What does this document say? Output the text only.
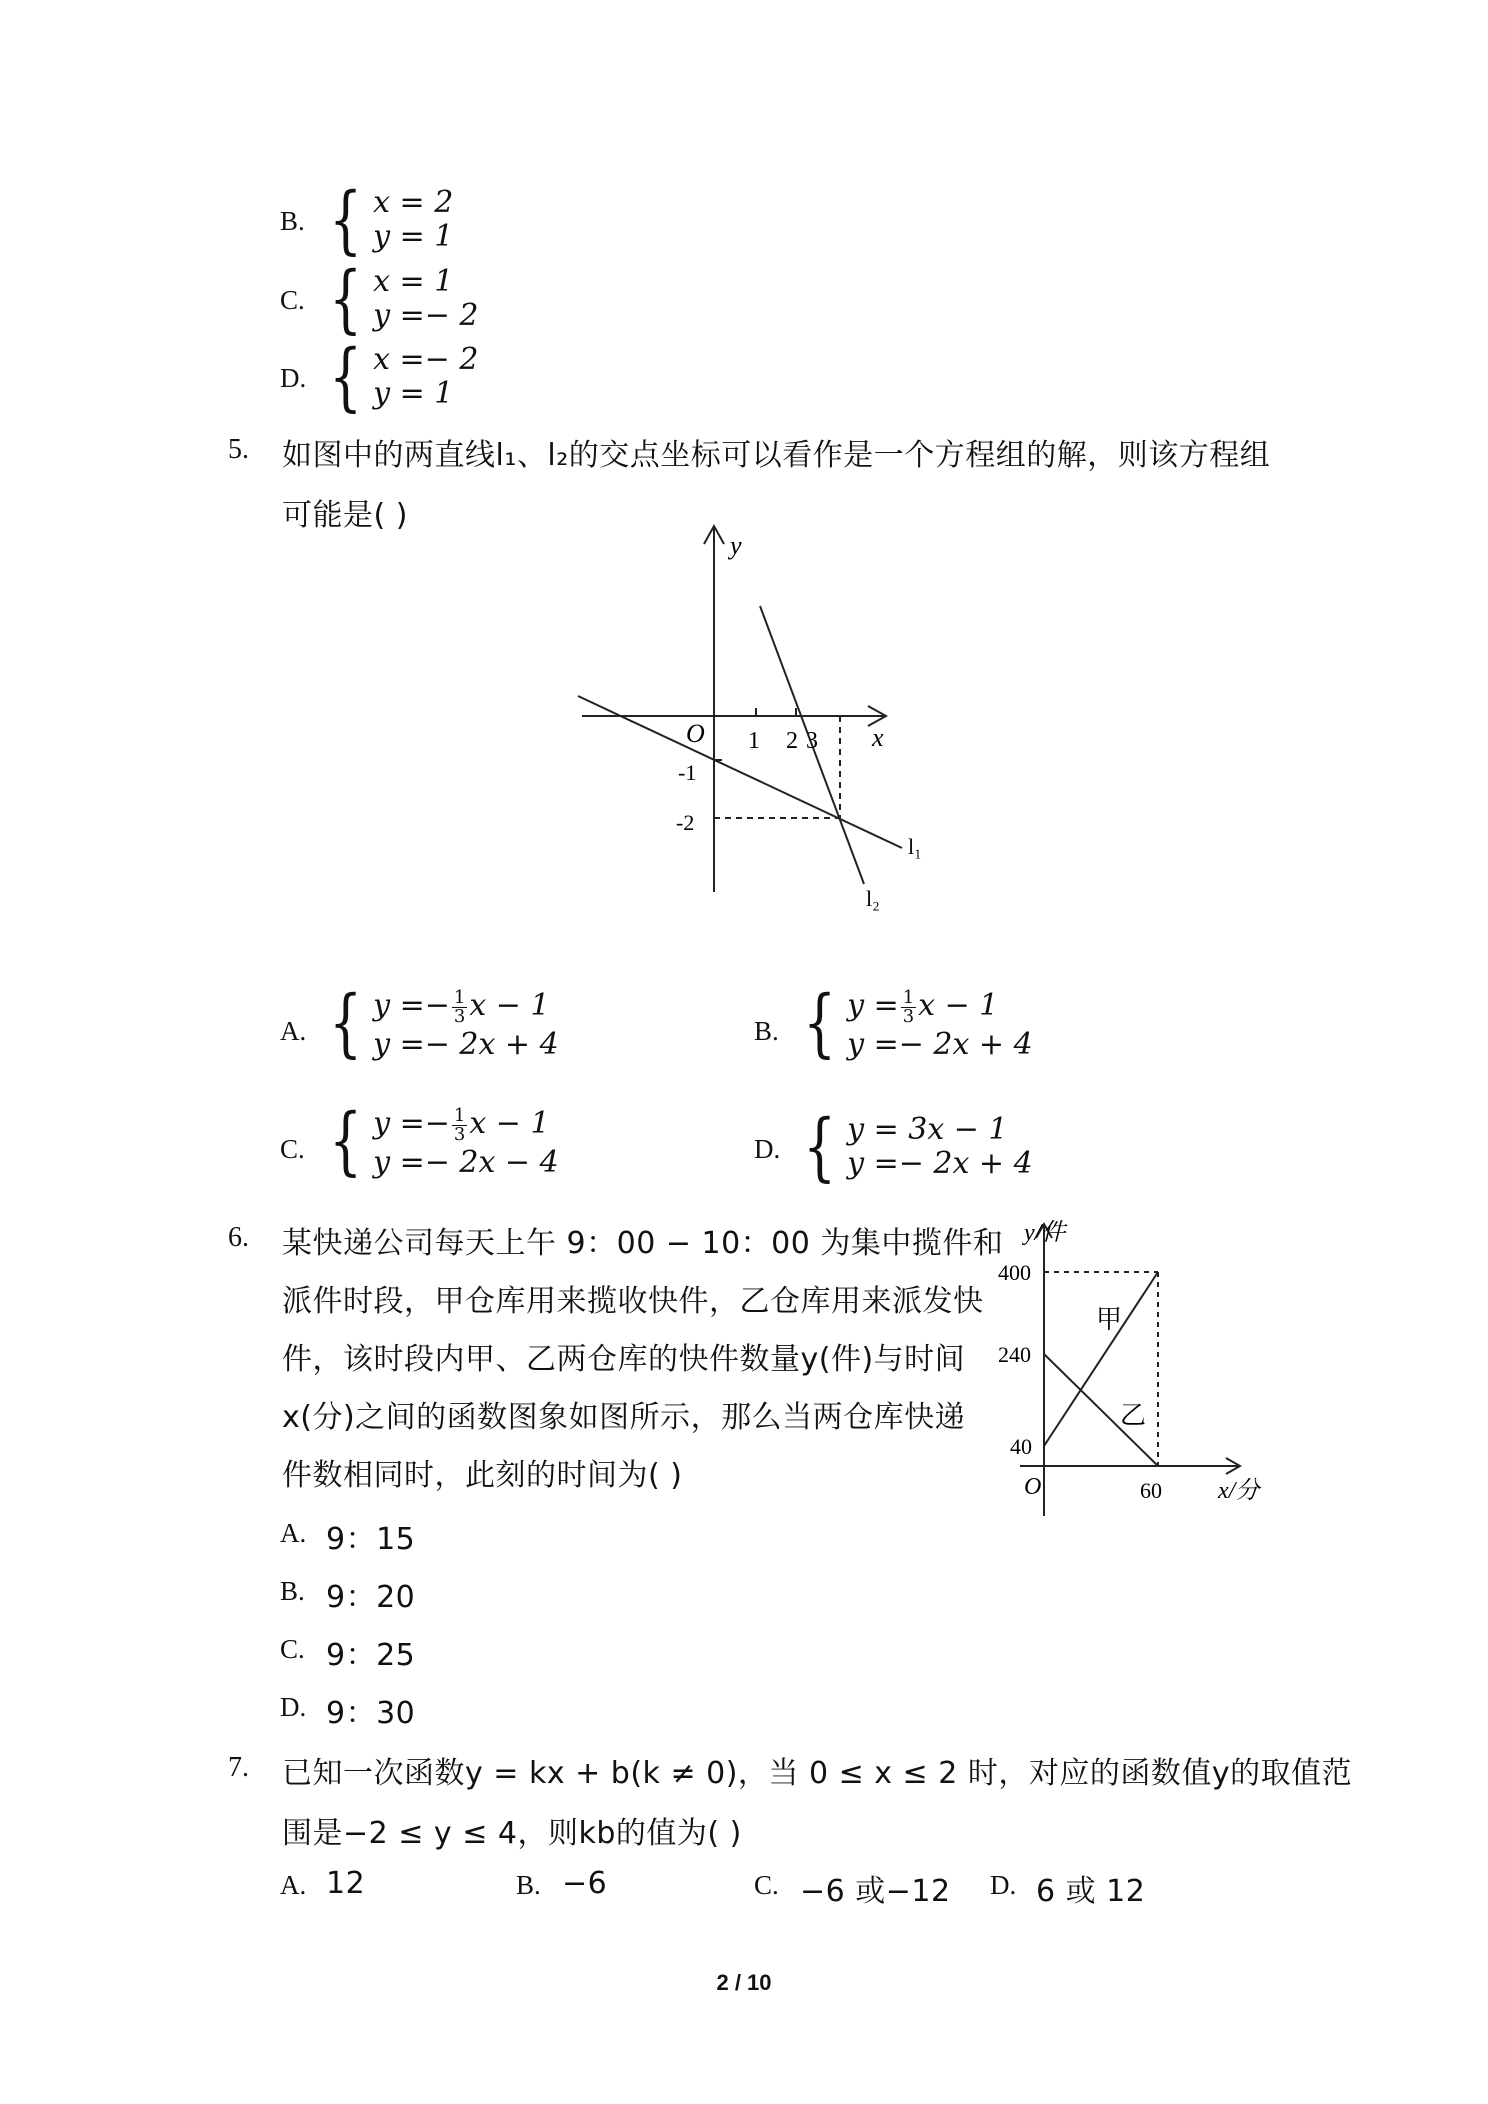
B. { x = 2
y = 1
C. { x = 1
y =− 2
D. { x =− 2
y = 1
5. 如图中的两直线l₁、l₂的交点坐标可以看作是一个方程组的解，则该方程组
可能是( )
y
x
O 1 2 3
-1
-2
l₁
l₂
A. { $y =- \frac{1}{3}$ x − 1
y =− 2x + 4	B. { $y = \frac{1}{3}$ x − 1
y =− 2x + 4
C. { $y =- \frac{1}{3}$ x − 1
y =− 2x − 4	D. { y = 3x − 1
y =− 2x + 4
6. 某快递公司每天上午 9：00 − 10：00 为集中揽件和
派件时段，甲仓库用来揽收快件，乙仓库用来派发快
件，该时段内甲、乙两仓库的快件数量y(件)与时间
x(分)之间的函数图象如图所示，那么当两仓库快递
件数相同时，此刻的时间为( )
y/件
x/分
O
400
240
40
60
甲
乙
A. 9：15
B. 9：20
C. 9：25
D. 9：30
7. 已知一次函数y = kx + b(k ≠ 0)，当 0 ≤ x ≤ 2 时，对应的函数值y的取值范
围是−2 ≤ y ≤ 4，则kb的值为( )
A. 12	B. −6	C. −6 或−12 D. 6 或 12
2 / 10
